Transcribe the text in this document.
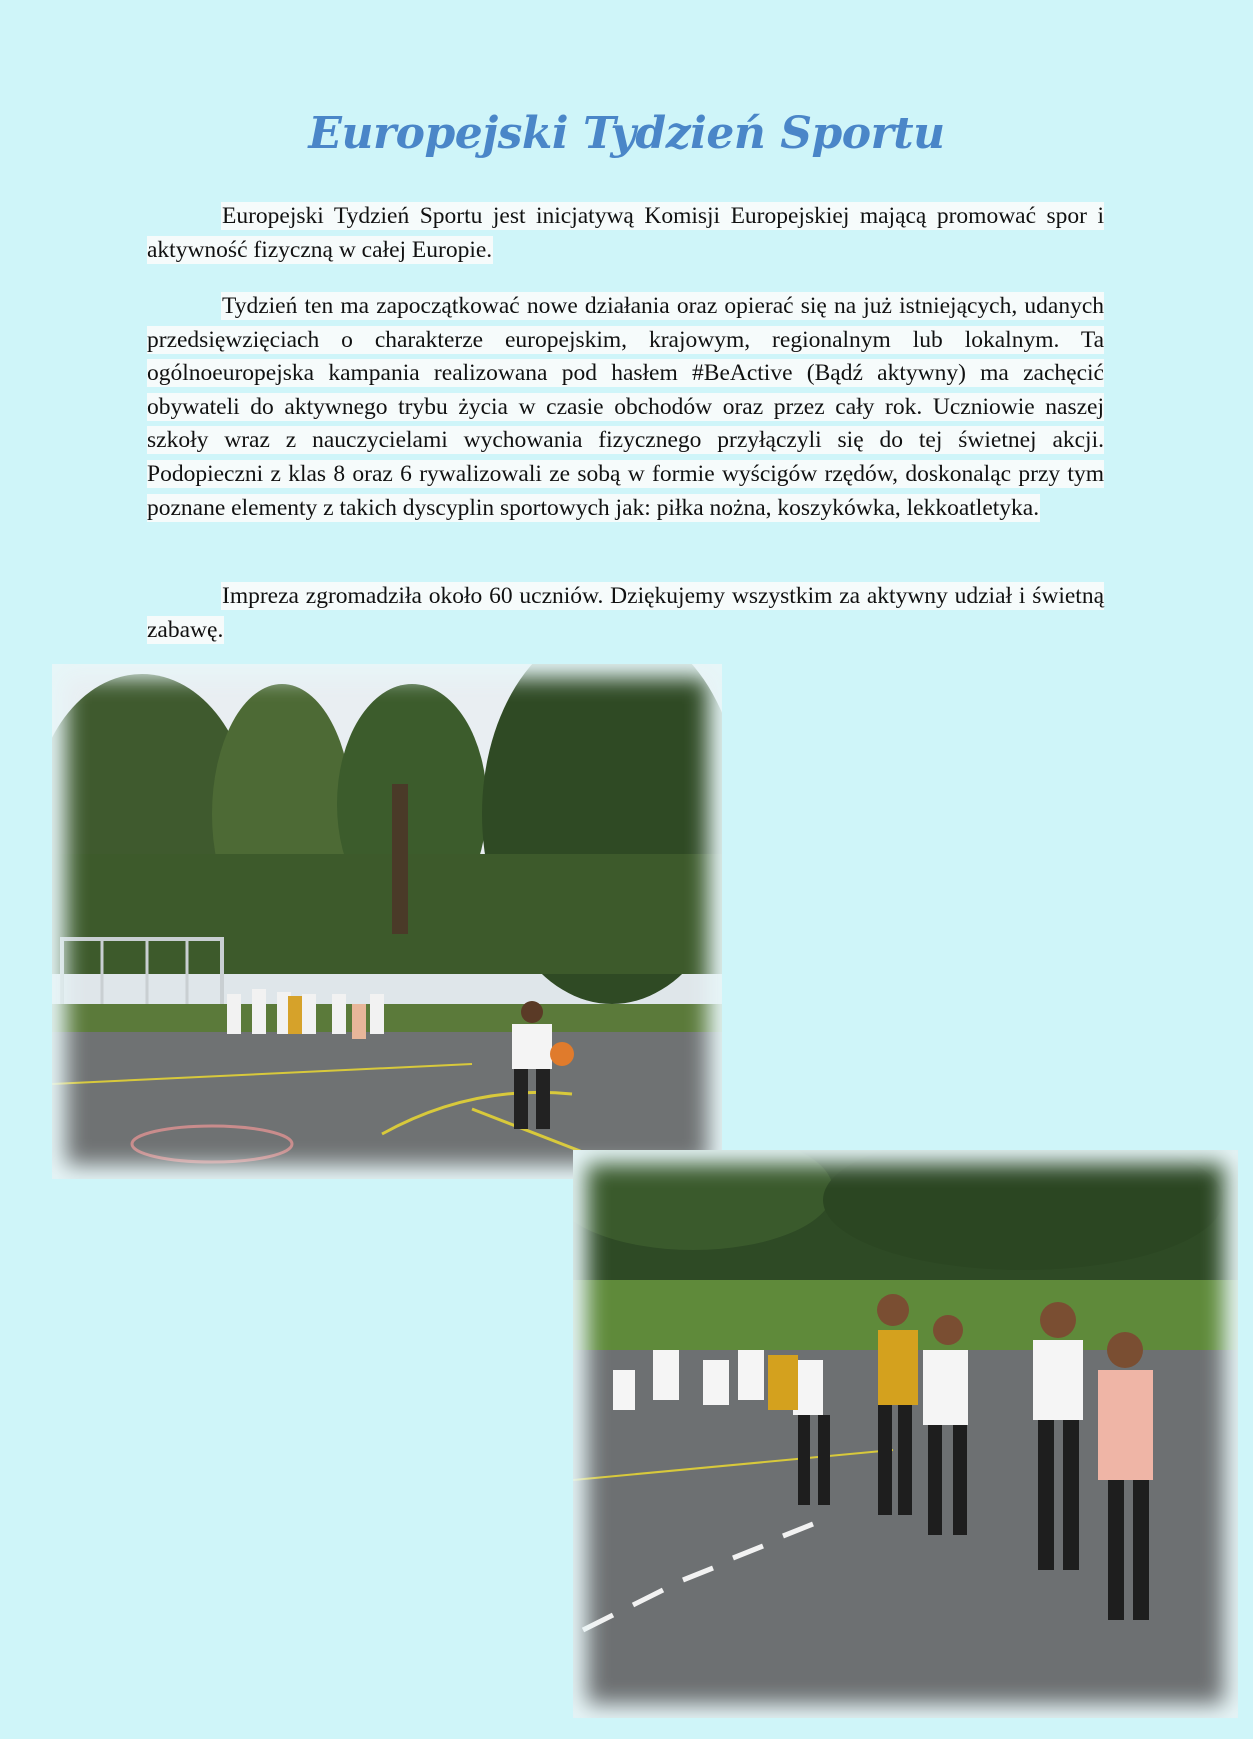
Europejski Tydzień Sportu

Europejski Tydzień Sportu jest inicjatywą Komisji Europejskiej mającą promować spor i aktywność fizyczną w całej Europie.

Tydzień ten ma zapoczątkować nowe działania oraz opierać się na już istniejących, udanych przedsięwzięciach o charakterze europejskim, krajowym, regionalnym lub lokalnym. Ta ogólnoeuropejska kampania realizowana pod hasłem #BeActive (Bądź aktywny) ma zachęcić obywateli do aktywnego trybu życia w czasie obchodów oraz przez cały rok. Uczniowie naszej szkoły wraz z nauczycielami wychowania fizycznego przyłączyli się do tej świetnej akcji. Podopieczni z klas 8 oraz 6 rywalizowali ze sobą w formie wyścigów rzędów, doskonaląc przy tym poznane elementy z takich dyscyplin sportowych jak: piłka nożna, koszykówka, lekkoatletyka.

Impreza zgromadziła około 60 uczniów. Dziękujemy wszystkim za aktywny udział i świetną zabawę.
